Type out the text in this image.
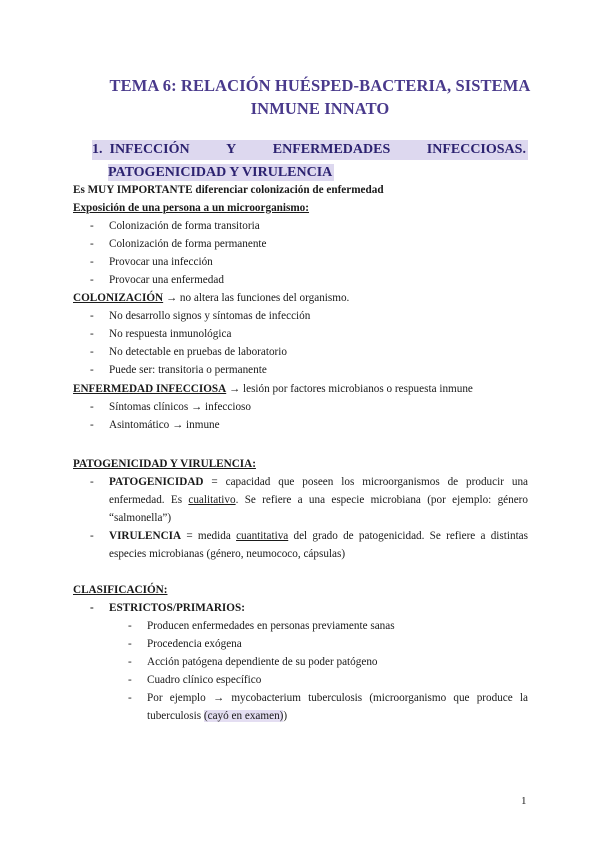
TEMA 6: RELACIÓN HUÉSPED-BACTERIA, SISTEMA
INMUNE INNATO
1. INFECCIÓN	Y	ENFERMEDADES	INFECCIOSAS.
PATOGENICIDAD Y VIRULENCIA
Es MUY IMPORTANTE diferenciar colonización de enfermedad
Exposición de una persona a un microorganismo:
- Colonización de forma transitoria
- Colonización de forma permanente
- Provocar una infección
- Provocar una enfermedad
COLONIZACIÓN → no altera las funciones del organismo.
- No desarrollo signos y síntomas de infección
- No respuesta inmunológica
- No detectable en pruebas de laboratorio
- Puede ser: transitoria o permanente
ENFERMEDAD INFECCIOSA → lesión por factores microbianos o respuesta inmune
- Síntomas clínicos → infeccioso
- Asintomático → inmune
PATOGENICIDAD Y VIRULENCIA:
- PATOGENICIDAD = capacidad que poseen los microorganismos de producir una enfermedad. Es cualitativo. Se refiere a una especie microbiana (por ejemplo: género “salmonella”)
- VIRULENCIA = medida cuantitativa del grado de patogenicidad. Se refiere a distintas especies microbianas (género, neumococo, cápsulas)
CLASIFICACIÓN:
- ESTRICTOS/PRIMARIOS:
- Producen enfermedades en personas previamente sanas
- Procedencia exógena
- Acción patógena dependiente de su poder patógeno
- Cuadro clínico específico
- Por ejemplo → mycobacterium tuberculosis (microorganismo que produce la tuberculosis (cayó en examen))
1
